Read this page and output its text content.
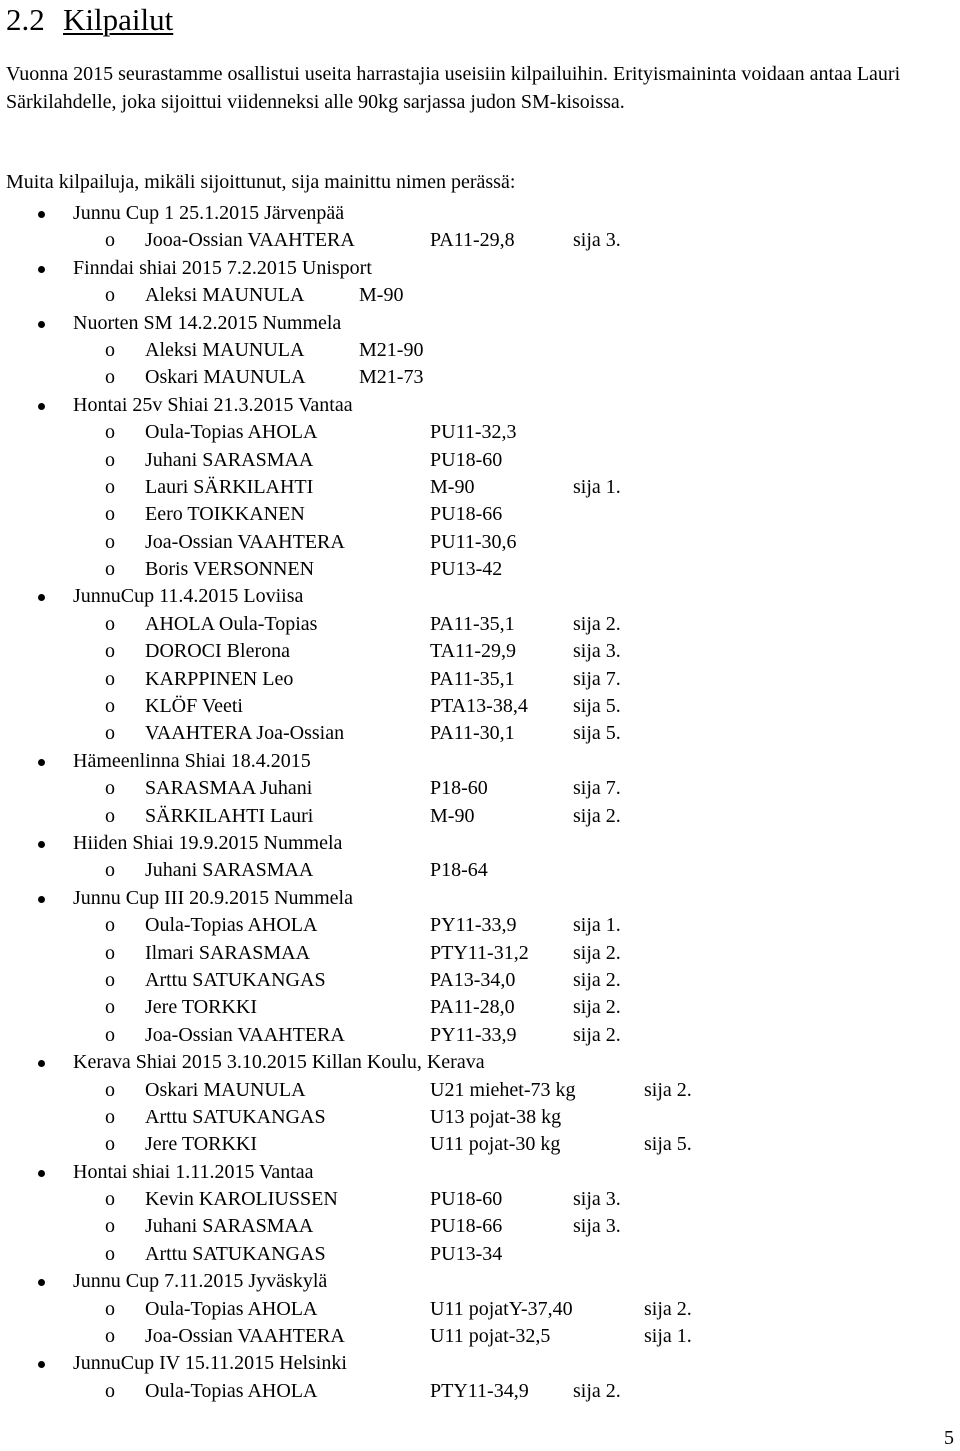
2.2 Kilpailut
Vuonna 2015 seurastamme osallistui useita harrastajia useisiin kilpailuihin. Erityismaininta voidaan antaa Lauri Särkilahdelle, joka sijoittui viidenneksi alle 90kg sarjassa judon SM-kisoissa.
Muita kilpailuja, mikäli sijoittunut, sija mainittu nimen perässä:
Junnu Cup 1 25.1.2015 Järvenpää
o Jooa-Ossian VAAHTERA	PA11-29,8	sija 3.
Finndai shiai 2015 7.2.2015 Unisport
o Aleksi MAUNULA	M-90
Nuorten SM 14.2.2015 Nummela
o Aleksi MAUNULA	M21-90
o Oskari MAUNULA	M21-73
Hontai 25v Shiai 21.3.2015 Vantaa
o Oula-Topias AHOLA	PU11-32,3
o Juhani SARASMAA	PU18-60
o Lauri SÄRKILAHTI	M-90	sija 1.
o Eero TOIKKANEN	PU18-66
o Joa-Ossian VAAHTERA	PU11-30,6
o Boris VERSONNEN	PU13-42
JunnuCup 11.4.2015 Loviisa
o AHOLA Oula-Topias	PA11-35,1	sija 2.
o DOROCI Blerona	TA11-29,9	sija 3.
o KARPPINEN Leo	PA11-35,1	sija 7.
o KLÖF Veeti	PTA13-38,4 sija 5.
o VAAHTERA Joa-Ossian	PA11-30,1	sija 5.
Hämeenlinna Shiai 18.4.2015
o SARASMAA Juhani	P18-60	sija 7.
o SÄRKILAHTI Lauri	M-90	sija 2.
Hiiden Shiai 19.9.2015 Nummela
o Juhani SARASMAA	P18-64
Junnu Cup III 20.9.2015 Nummela
o Oula-Topias AHOLA	PY11-33,9	sija 1.
o Ilmari SARASMAA	PTY11-31,2 sija 2.
o Arttu SATUKANGAS	PA13-34,0	sija 2.
o Jere TORKKI	PA11-28,0	sija 2.
o Joa-Ossian VAAHTERA	PY11-33,9	sija 2.
Kerava Shiai 2015 3.10.2015 Killan Koulu, Kerava
o Oskari MAUNULA	U21 miehet-73 kg	sija 2.
o Arttu SATUKANGAS	U13 pojat-38 kg
o Jere TORKKI	U11 pojat-30 kg	sija 5.
Hontai shiai 1.11.2015 Vantaa
o Kevin KAROLIUSSEN	PU18-60	sija 3.
o Juhani SARASMAA	PU18-66	sija 3.
o Arttu SATUKANGAS	PU13-34
Junnu Cup 7.11.2015 Jyväskylä
o Oula-Topias AHOLA	U11 pojatY-37,40	sija 2.
o Joa-Ossian VAAHTERA	U11 pojat-32,5	sija 1.
JunnuCup IV 15.11.2015 Helsinki
o Oula-Topias AHOLA	PTY11-34,9 sija 2.
5
